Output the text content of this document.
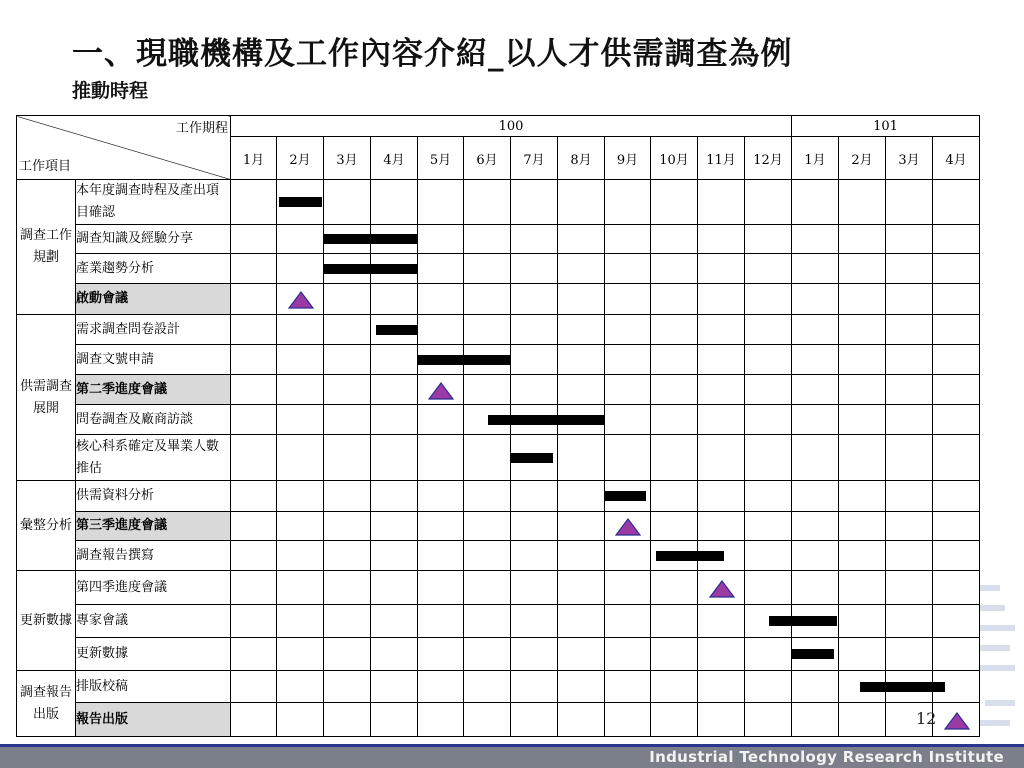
一、現職機構及工作內容介紹_以人才供需調查為例
推動時程
工作期程
工作項目		100												101			
		1月	2月	3月	4月	5月	6月	7月	8月	9月	10月	11月	12月	1月	2月	3月	4月
調查工作規劃	本年度調查時程及產出項目確認	

	調查知識及經驗分享	

	產業趨勢分析	

	啟動會議	

供需調查展開	需求調查問卷設計	

	調查文號申請	

	第二季進度會議	

	問卷調查及廠商訪談	

	核心科系確定及畢業人數推估	

彙整分析	供需資料分析	

	第三季進度會議	

	調查報告撰寫	

更新數據	第四季進度會議	

	專家會議	

	更新數據	

調查報告出版	排版校稿	

	報告出版	
																12
Industrial Technology Research Institute
